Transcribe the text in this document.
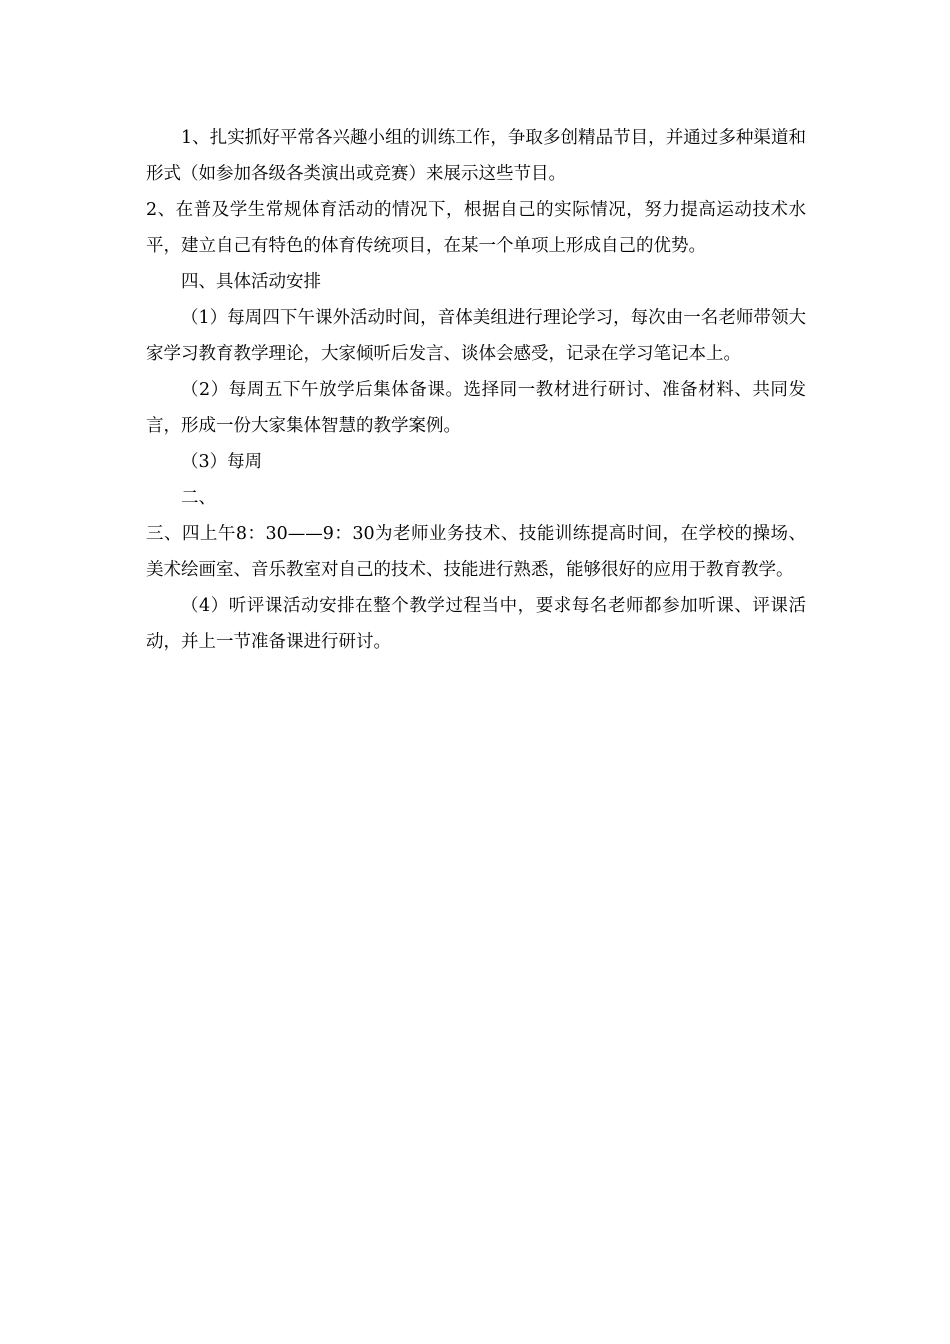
1、扎实抓好平常各兴趣小组的训练工作，争取多创精品节目，并通过多种渠道和形式（如参加各级各类演出或竞赛）来展示这些节目。

2、在普及学生常规体育活动的情况下，根据自己的实际情况，努力提高运动技术水平，建立自己有特色的体育传统项目，在某一个单项上形成自己的优势。

四、具体活动安排

（1）每周四下午课外活动时间，音体美组进行理论学习，每次由一名老师带领大家学习教育教学理论，大家倾听后发言、谈体会感受，记录在学习笔记本上。

（2）每周五下午放学后集体备课。选择同一教材进行研讨、准备材料、共同发言，形成一份大家集体智慧的教学案例。

（3）每周

二、

三、四上午8：30——9：30为老师业务技术、技能训练提高时间，在学校的操场、美术绘画室、音乐教室对自己的技术、技能进行熟悉，能够很好的应用于教育教学。

（4）听评课活动安排在整个教学过程当中，要求每名老师都参加听课、评课活动，并上一节准备课进行研讨。
